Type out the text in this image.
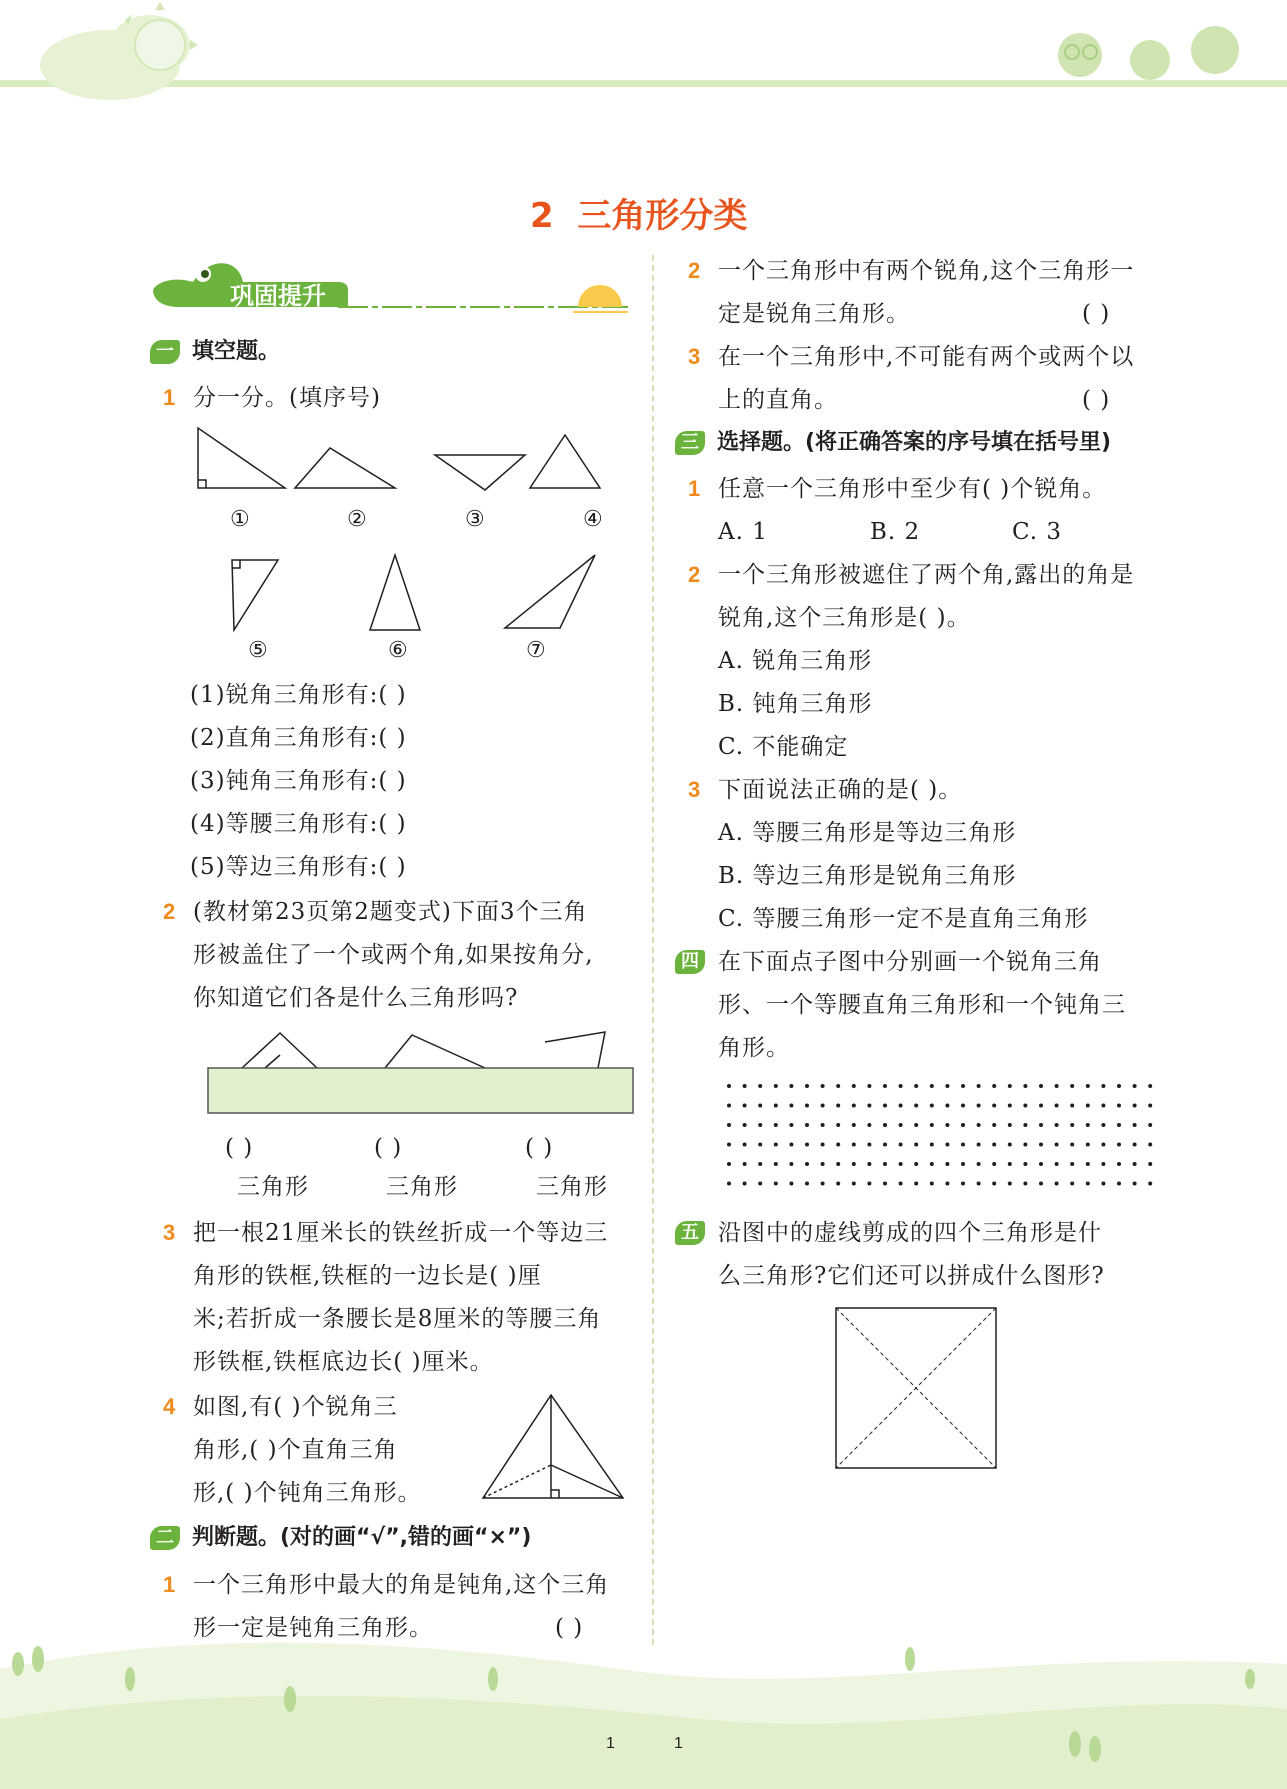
2 三角形分类
巩固提升
一 填空题。
1 分一分。(填序号)
①	②	③	④
⑤	⑥	⑦
(1)锐角三角形有:( )
(2)直角三角形有:( )
(3)钝角三角形有:( )
(4)等腰三角形有:( )
(5)等边三角形有:( )
2 (教材第23页第2题变式)下面3个三角
形被盖住了一个或两个角,如果按角分,
你知道它们各是什么三角形吗?
( )	( )	( )
三角形	三角形	三角形
3 把一根21厘米长的铁丝折成一个等边三
角形的铁框,铁框的一边长是( )厘
米;若折成一条腰长是8厘米的等腰三角
形铁框,铁框底边长( )厘米。
4 如图,有( )个锐角三
角形,( )个直角三角
形,( )个钝角三角形。
二 判断题。(对的画“√”,错的画“×”)
1 一个三角形中最大的角是钝角,这个三角
形一定是钝角三角形。	( )
2 一个三角形中有两个锐角,这个三角形一
定是锐角三角形。	( )
3 在一个三角形中,不可能有两个或两个以
上的直角。	( )
三 选择题。(将正确答案的序号填在括号里)
1 任意一个三角形中至少有( )个锐角。
A. 1	B. 2	C. 3
2 一个三角形被遮住了两个角,露出的角是
锐角,这个三角形是( )。
A. 锐角三角形
B. 钝角三角形
C. 不能确定
3 下面说法正确的是( )。
A. 等腰三角形是等边三角形
B. 等边三角形是锐角三角形
C. 等腰三角形一定不是直角三角形
四 在下面点子图中分别画一个锐角三角
形、一个等腰直角三角形和一个钝角三
角形。
五 沿图中的虚线剪成的四个三角形是什
么三角形?它们还可以拼成什么图形?
1	1
